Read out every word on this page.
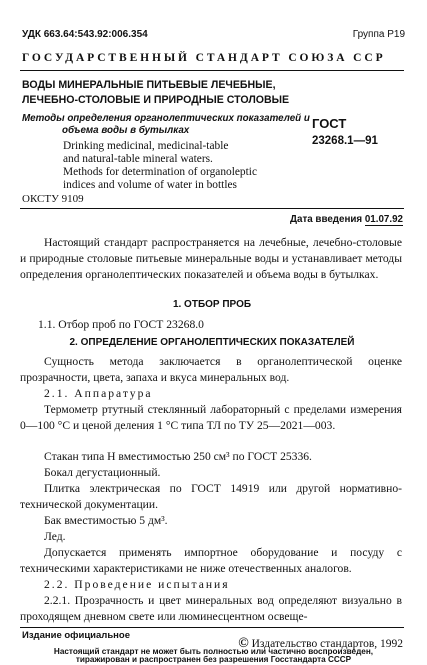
УДК 663.64:543.92:006.354	Группа Р19
ГОСУДАРСТВЕННЫЙ СТАНДАРТ СОЮЗА ССР
ВОДЫ МИНЕРАЛЬНЫЕ ПИТЬЕВЫЕ ЛЕЧЕБНЫЕ,
ЛЕЧЕБНО-СТОЛОВЫЕ И ПРИРОДНЫЕ СТОЛОВЫЕ
Методы определения органолептических показателей и
объема воды в бутылках
Drinking medicinal, medicinal-table
and natural-table mineral waters.
Methods for determination of organoleptic
indices and volume of water in bottles
ОКСТУ 9109
ГОСТ
23268.1—91
Дата введения 01.07.92
Настоящий стандарт распространяется на лечебные, лечебно-столовые и природные столовые питьевые минеральные воды и устанавливает методы определения органолептических показателей и объема воды в бутылках.
1. ОТБОР ПРОБ
1.1. Отбор проб по ГОСТ 23268.0
2. ОПРЕДЕЛЕНИЕ ОРГАНОЛЕПТИЧЕСКИХ ПОКАЗАТЕЛЕЙ
Сущность метода заключается в органолептической оценке прозрачности, цвета, запаха и вкуса минеральных вод.
2.1. Аппаратура
Термометр ртутный стеклянный лабораторный с пределами измерения 0—100 °С и ценой деления 1 °С типа ТЛ по ТУ 25—2021—003.
Стакан типа Н вместимостью 250 см³ по ГОСТ 25336.
Бокал дегустационный.
Плитка электрическая по ГОСТ 14919 или другой нормативно-технической документации.
Бак вместимостью 5 дм³.
Лед.
Допускается применять импортное оборудование и посуду с техническими характеристиками не ниже отечественных аналогов.
2.2. Проведение испытания
2.2.1. Прозрачность и цвет минеральных вод определяют визуально в проходящем дневном свете или люминесцентном освеще-
Издание официальное
© Издательство стандартов, 1992
Настоящий стандарт не может быть полностью или частично воспроизведен,
тиражирован и распространен без разрешения Госстандарта СССР
